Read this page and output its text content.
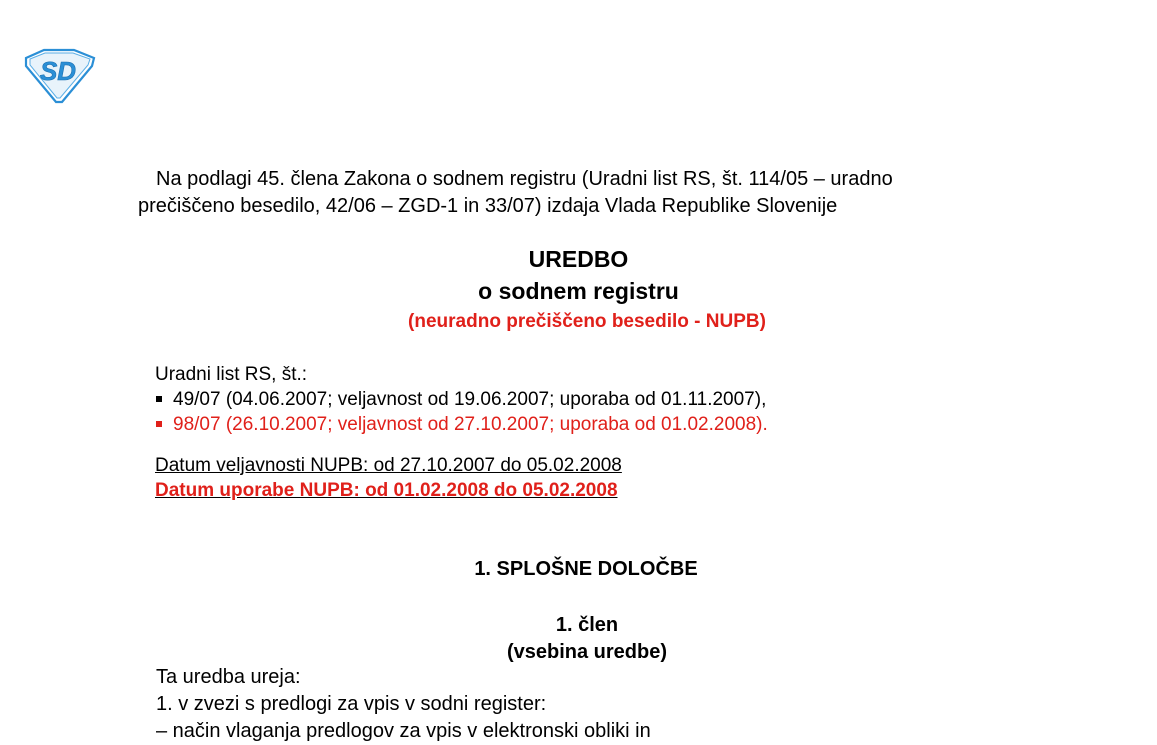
SD
Na podlagi 45. člena Zakona o sodnem registru (Uradni list RS, št. 114/05 – uradno
prečiščeno besedilo, 42/06 – ZGD-1 in 33/07) izdaja Vlada Republike Slovenije
UREDBO
o sodnem registru
(neuradno prečiščeno besedilo - NUPB)
Uradni list RS, št.:
49/07 (04.06.2007; veljavnost od 19.06.2007; uporaba od 01.11.2007),
98/07 (26.10.2007; veljavnost od 27.10.2007; uporaba od 01.02.2008).
Datum veljavnosti NUPB: od 27.10.2007 do 05.02.2008
Datum uporabe NUPB: od 01.02.2008 do 05.02.2008
1. SPLOŠNE DOLOČBE
1. člen
(vsebina uredbe)
Ta uredba ureja:
1. v zvezi s predlogi za vpis v sodni register:
– način vlaganja predlogov za vpis v elektronski obliki in
